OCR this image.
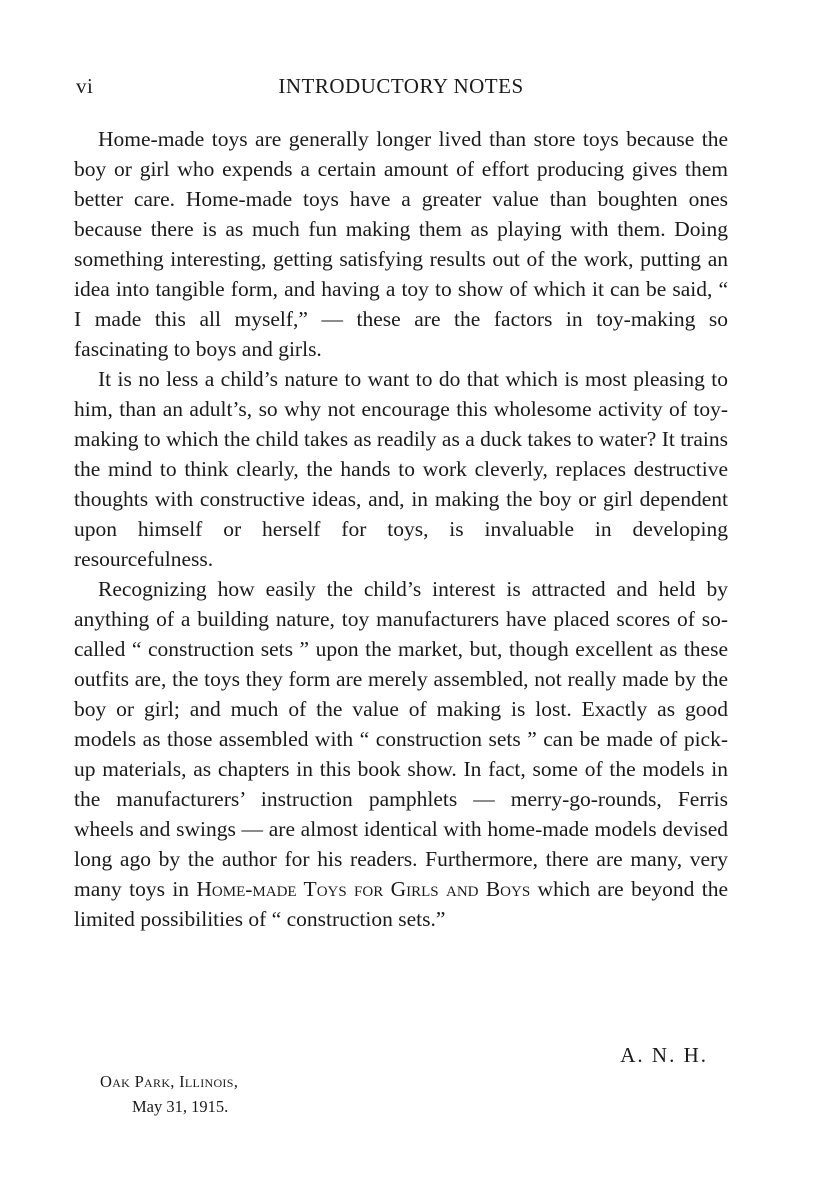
vi	INTRODUCTORY NOTES

Home-made toys are generally longer lived than store toys because the boy or girl who expends a certain amount of effort producing gives them better care. Home-made toys have a greater value than boughten ones because there is as much fun making them as playing with them. Doing something interesting, getting satisfying results out of the work, putting an idea into tangible form, and having a toy to show of which it can be said, “ I made this all myself,” — these are the factors in toy-making so fascinating to boys and girls.

It is no less a child’s nature to want to do that which is most pleasing to him, than an adult’s, so why not encourage this wholesome activity of toy-making to which the child takes as readily as a duck takes to water? It trains the mind to think clearly, the hands to work cleverly, replaces destructive thoughts with constructive ideas, and, in making the boy or girl dependent upon himself or herself for toys, is invaluable in developing resourcefulness.

Recognizing how easily the child’s interest is attracted and held by anything of a building nature, toy manufacturers have placed scores of so-called “ construction sets ” upon the market, but, though excellent as these outfits are, the toys they form are merely assembled, not really made by the boy or girl; and much of the value of making is lost. Exactly as good models as those assembled with “ construction sets ” can be made of pick-up materials, as chapters in this book show. In fact, some of the models in the manufacturers’ instruction pamphlets — merry-go-rounds, Ferris wheels and swings — are almost identical with home-made models devised long ago by the author for his readers. Furthermore, there are many, very many toys in Home-made Toys for Girls and Boys which are beyond the limited possibilities of “ construction sets.”

A. N. H.
Oak Park, Illinois,
May 31, 1915.
